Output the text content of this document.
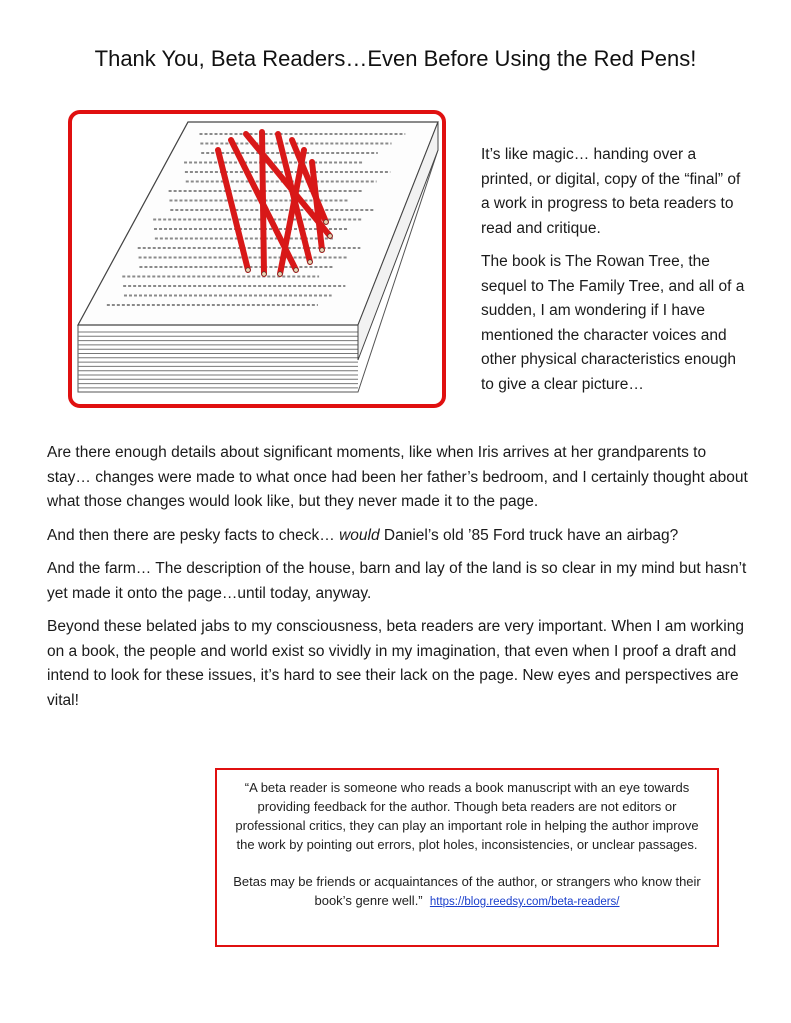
Thank You, Beta Readers…Even Before Using the Red Pens!

It’s like magic… handing over a printed, or digital, copy of the “final” of a work in progress to beta readers to read and critique.

The book is The Rowan Tree, the sequel to The Family Tree, and all of a sudden, I am wondering if I have mentioned the character voices and other physical characteristics enough to give a clear picture…

Are there enough details about significant moments, like when Iris arrives at her grandparents to stay… changes were made to what once had been her father’s bedroom, and I certainly thought about what those changes would look like, but they never made it to the page.

And then there are pesky facts to check… would Daniel’s old ’85 Ford truck have an airbag?

And the farm… The description of the house, barn and lay of the land is so clear in my mind but hasn’t yet made it onto the page…until today, anyway.

Beyond these belated jabs to my consciousness, beta readers are very important. When I am working on a book, the people and world exist so vividly in my imagination, that even when I proof a draft and intend to look for these issues, it’s hard to see their lack on the page. New eyes and perspectives are vital!

“A beta reader is someone who reads a book manuscript with an eye towards providing feedback for the author. Though beta readers are not editors or professional critics, they can play an important role in helping the author improve the work by pointing out errors, plot holes, inconsistencies, or unclear passages.

Betas may be friends or acquaintances of the author, or strangers who know their book’s genre well.” https://blog.reedsy.com/beta-readers/
